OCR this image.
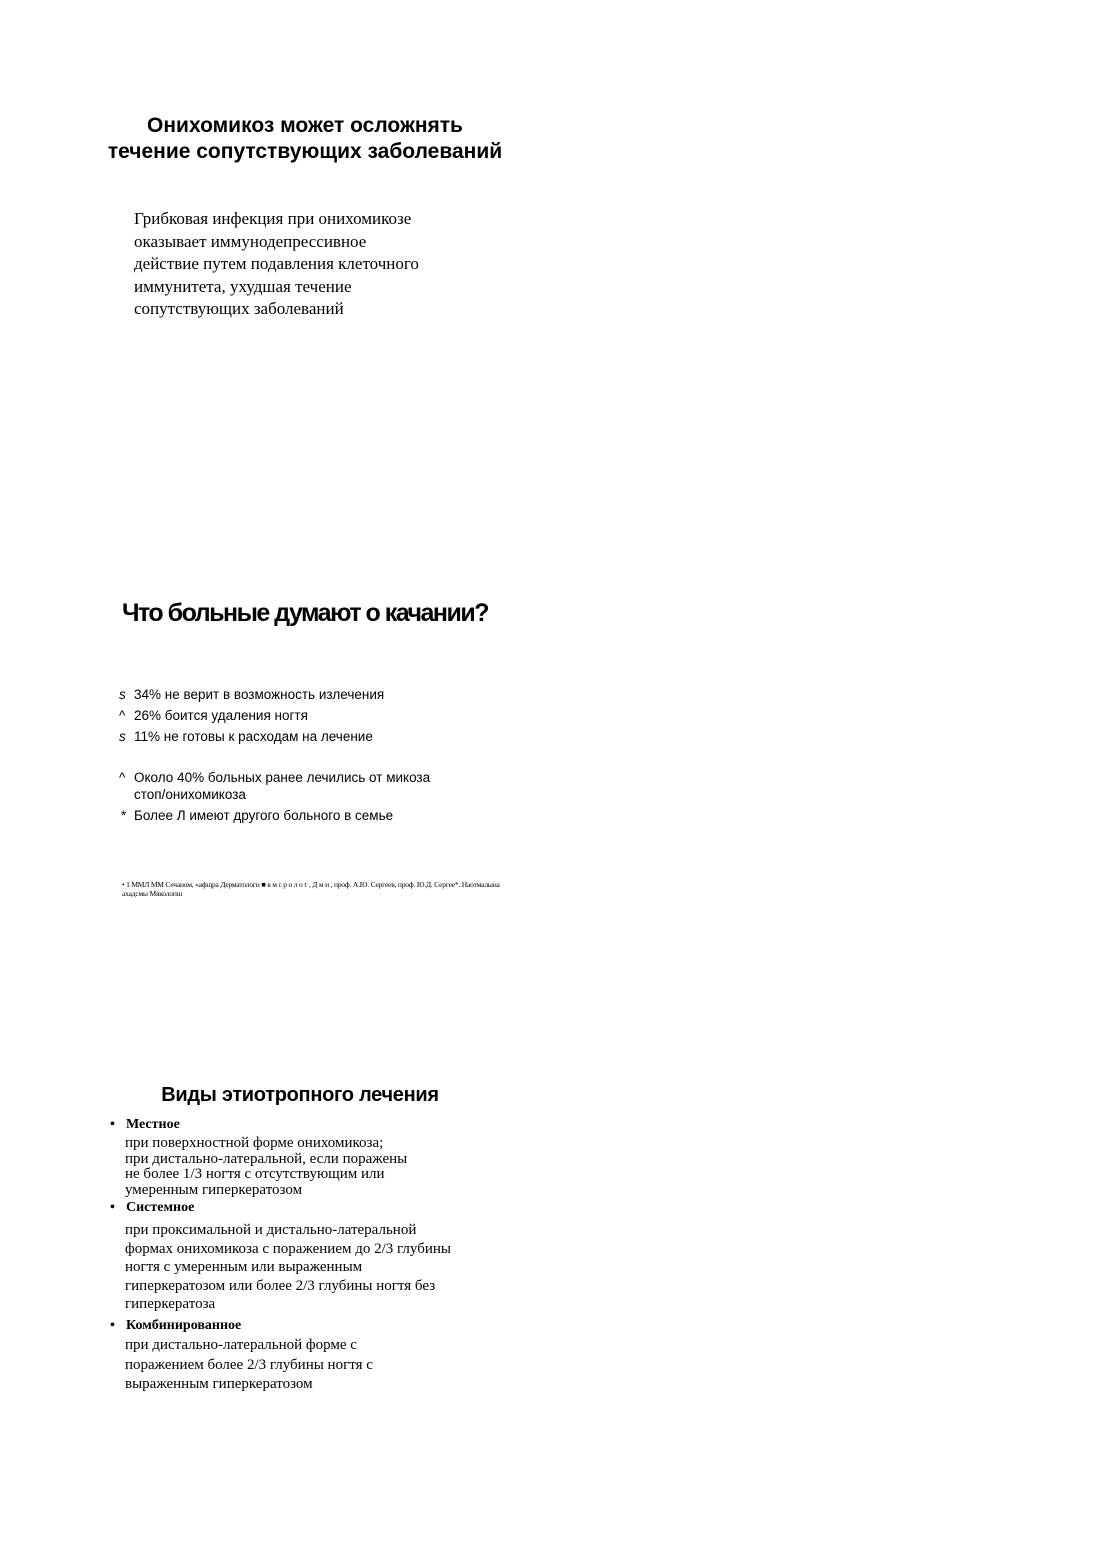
Онихомикоз может осложнять течение сопутствующих заболеваний

Грибковая инфекция при онихомикозе
оказывает иммунодепрессивное
действие путем подавления клеточного
иммунитета, ухудшая течение
сопутствующих заболеваний

Что больные думают о качании?

s 34% не верит в возможность излечения

^ 26% боится удаления ногтя

s 11% не готовы к расходам на лечение

^ Около 40% больных ранее лечились от микоза
стоп/онихомикоза

* Более Л имеют другого больного в семье

• 1 ММЛ ММ Сечаном, «афщра Дерматологи ■ в м с р о л о т , Д м и , проф. А.Ю. Сергеев, проф. Ю.Д. Сергее*. Наотмалына ахадсмы Мяколопш

Виды этиотропного лечения

• Местное

при поверхностной форме онихомикоза;
при дистально-латеральной, если поражены
не более 1/3 ногтя с отсутствующим или
умеренным гиперкератозом

• Системное

при проксимальной и дистально-латеральной
формах онихомикоза с поражением до 2/3 глубины
ногтя с умеренным или выраженным
гиперкератозом или более 2/3 глубины ногтя без
гиперкератоза

• Комбинированное

при дистально-латеральной форме с
поражением более 2/3 глубины ногтя с
выраженным гиперкератозом
